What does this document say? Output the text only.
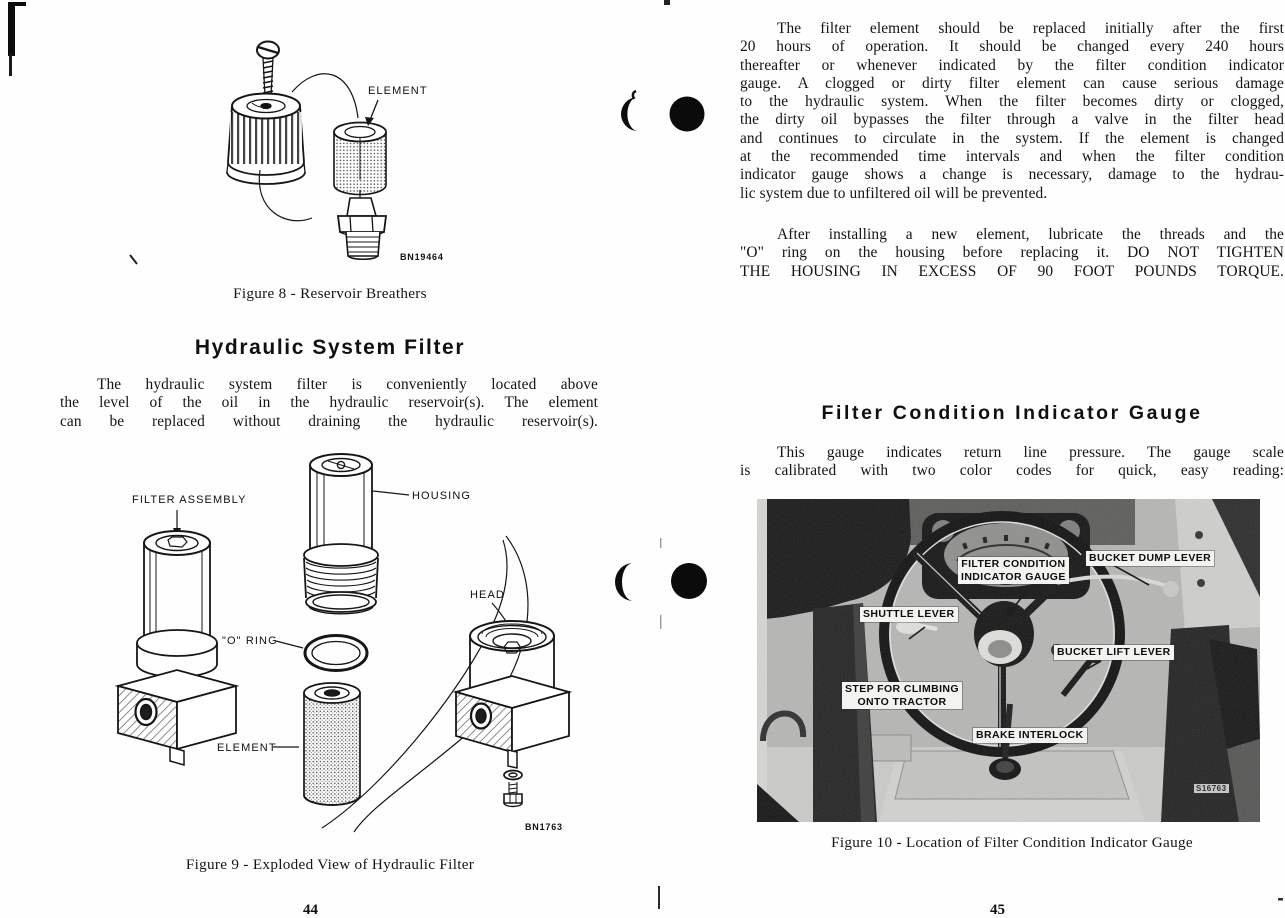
ELEMENT
BN19464
Figure 8 - Reservoir Breathers
Hydraulic System Filter
The hydraulic system filter is conveniently located above
the level of the oil in the hydraulic reservoir(s). The element
can be replaced without draining the hydraulic reservoir(s).
FILTER ASSEMBLY	HOUSING
"O" RING
ELEMENT
HEAD
BN1763
Figure 9 - Exploded View of Hydraulic Filter
44
The filter element should be replaced initially after the first
20 hours of operation. It should be changed every 240 hours
thereafter or whenever indicated by the filter condition indicator
gauge. A clogged or dirty filter element can cause serious damage
to the hydraulic system. When the filter becomes dirty or clogged,
the dirty oil bypasses the filter through a valve in the filter head
and continues to circulate in the system. If the element is changed
at the recommended time intervals and when the filter condition
indicator gauge shows a change is necessary, damage to the hydrau-
lic system due to unfiltered oil will be prevented.
After installing a new element, lubricate the threads and the
"O" ring on the housing before replacing it. DO NOT TIGHTEN
THE HOUSING IN EXCESS OF 90 FOOT POUNDS TORQUE.
Filter Condition Indicator Gauge
This gauge indicates return line pressure. The gauge scale
is calibrated with two color codes for quick, easy reading:
Figure 10 - Location of Filter Condition Indicator Gauge
45
FILTER CONDITION
INDICATOR GAUGE
BUCKET DUMP LEVER
SHUTTLE LEVER
BUCKET LIFT LEVER
STEP FOR CLIMBING
ONTO TRACTOR
BRAKE INTERLOCK
S16763
